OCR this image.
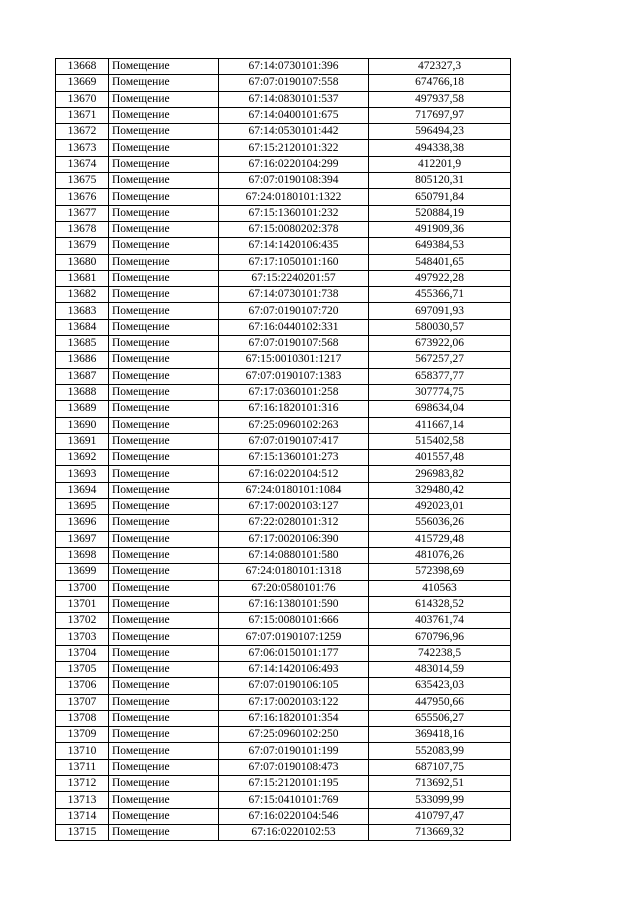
13668	Помещение	67:14:0730101:396	472327,3
13669	Помещение	67:07:0190107:558	674766,18
13670	Помещение	67:14:0830101:537	497937,58
13671	Помещение	67:14:0400101:675	717697,97
13672	Помещение	67:14:0530101:442	596494,23
13673	Помещение	67:15:2120101:322	494338,38
13674	Помещение	67:16:0220104:299	412201,9
13675	Помещение	67:07:0190108:394	805120,31
13676	Помещение	67:24:0180101:1322	650791,84
13677	Помещение	67:15:1360101:232	520884,19
13678	Помещение	67:15:0080202:378	491909,36
13679	Помещение	67:14:1420106:435	649384,53
13680	Помещение	67:17:1050101:160	548401,65
13681	Помещение	67:15:2240201:57	497922,28
13682	Помещение	67:14:0730101:738	455366,71
13683	Помещение	67:07:0190107:720	697091,93
13684	Помещение	67:16:0440102:331	580030,57
13685	Помещение	67:07:0190107:568	673922,06
13686	Помещение	67:15:0010301:1217	567257,27
13687	Помещение	67:07:0190107:1383	658377,77
13688	Помещение	67:17:0360101:258	307774,75
13689	Помещение	67:16:1820101:316	698634,04
13690	Помещение	67:25:0960102:263	411667,14
13691	Помещение	67:07:0190107:417	515402,58
13692	Помещение	67:15:1360101:273	401557,48
13693	Помещение	67:16:0220104:512	296983,82
13694	Помещение	67:24:0180101:1084	329480,42
13695	Помещение	67:17:0020103:127	492023,01
13696	Помещение	67:22:0280101:312	556036,26
13697	Помещение	67:17:0020106:390	415729,48
13698	Помещение	67:14:0880101:580	481076,26
13699	Помещение	67:24:0180101:1318	572398,69
13700	Помещение	67:20:0580101:76	410563
13701	Помещение	67:16:1380101:590	614328,52
13702	Помещение	67:15:0080101:666	403761,74
13703	Помещение	67:07:0190107:1259	670796,96
13704	Помещение	67:06:0150101:177	742238,5
13705	Помещение	67:14:1420106:493	483014,59
13706	Помещение	67:07:0190106:105	635423,03
13707	Помещение	67:17:0020103:122	447950,66
13708	Помещение	67:16:1820101:354	655506,27
13709	Помещение	67:25:0960102:250	369418,16
13710	Помещение	67:07:0190101:199	552083,99
13711	Помещение	67:07:0190108:473	687107,75
13712	Помещение	67:15:2120101:195	713692,51
13713	Помещение	67:15:0410101:769	533099,99
13714	Помещение	67:16:0220104:546	410797,47
13715	Помещение	67:16:0220102:53	713669,32
